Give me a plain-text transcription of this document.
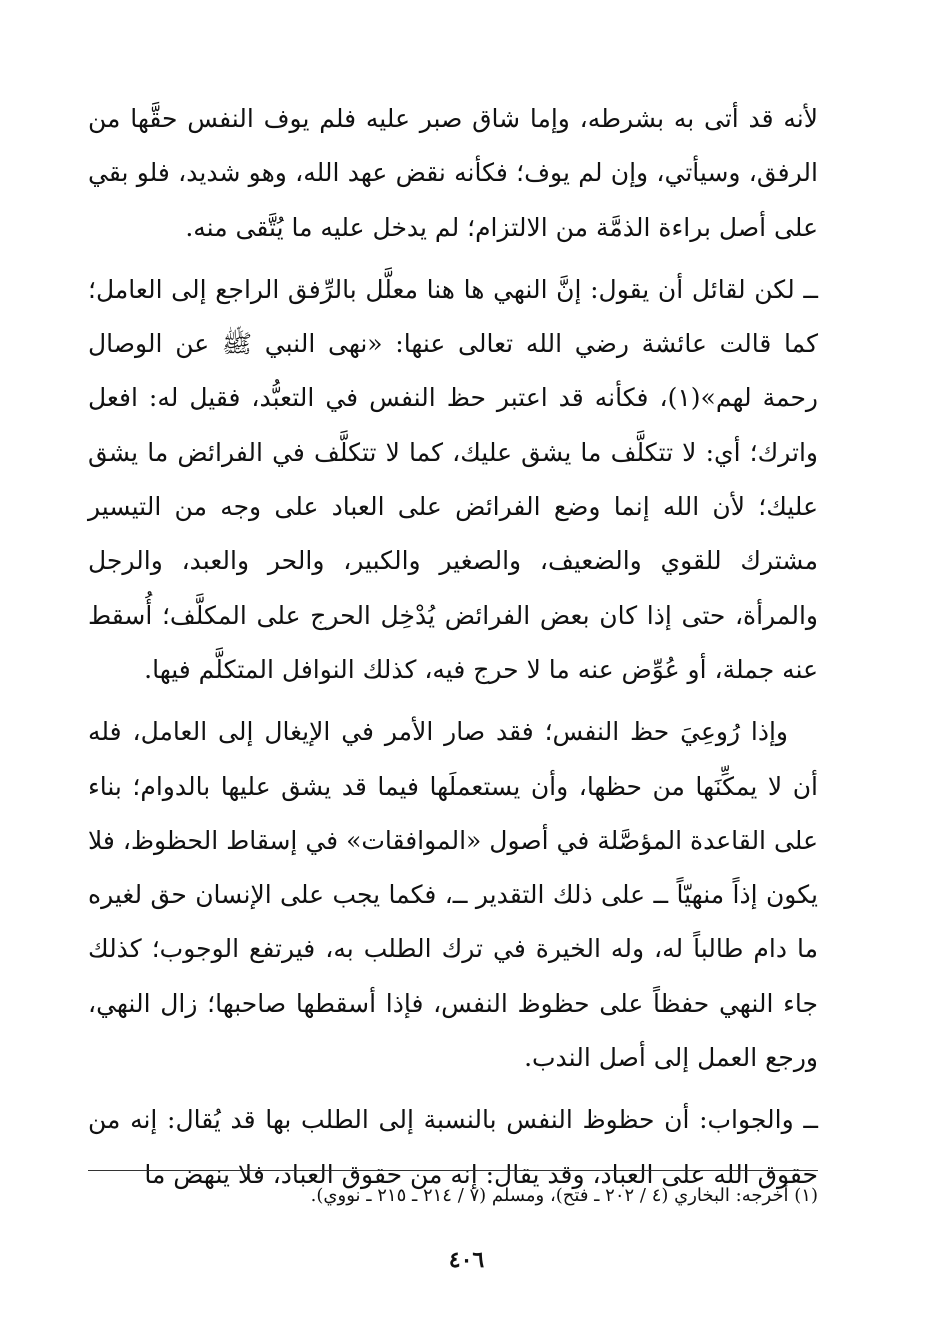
لأنه قد أتى به بشرطه، وإما شاق صبر عليه فلم يوف النفس حقَّها من الرفق، وسيأتي، وإن لم يوف؛ فكأنه نقض عهد الله، وهو شديد، فلو بقي على أصل براءة الذمَّة من الالتزام؛ لم يدخل عليه ما يُتَّقى منه.

ــ لكن لقائل أن يقول: إنَّ النهي ها هنا معلَّل بالرِّفق الراجع إلى العامل؛ كما قالت عائشة رضي الله تعالى عنها: «نهى النبي ﷺ عن الوصال رحمة لهم»(١)، فكأنه قد اعتبر حظ النفس في التعبُّد، فقيل له: افعل واترك؛ أي: لا تتكلَّف ما يشق عليك، كما لا تتكلَّف في الفرائض ما يشق عليك؛ لأن الله إنما وضع الفرائض على العباد على وجه من التيسير مشترك للقوي والضعيف، والصغير والكبير، والحر والعبد، والرجل والمرأة، حتى إذا كان بعض الفرائض يُدْخِل الحرج على المكلَّف؛ أُسقط عنه جملة، أو عُوِّض عنه ما لا حرج فيه، كذلك النوافل المتكلَّم فيها.

وإذا رُوعِيَ حظ النفس؛ فقد صار الأمر في الإيغال إلى العامل، فله أن لا يمكِّنَها من حظها، وأن يستعملَها فيما قد يشق عليها بالدوام؛ بناء على القاعدة المؤصَّلة في أصول «الموافقات» في إسقاط الحظوظ، فلا يكون إذاً منهيّاً ــ على ذلك التقدير ــ، فكما يجب على الإنسان حق لغيره ما دام طالباً له، وله الخيرة في ترك الطلب به، فيرتفع الوجوب؛ كذلك جاء النهي حفظاً على حظوظ النفس، فإذا أسقطها صاحبها؛ زال النهي، ورجع العمل إلى أصل الندب.

ــ والجواب: أن حظوظ النفس بالنسبة إلى الطلب بها قد يُقال: إنه من حقوق الله على العباد، وقد يقال: إنه من حقوق العباد، فلا ينهض ما

(١) أخرجه: البخاري (٤ / ٢٠٢ ـ فتح)، ومسلم (٧ / ٢١٤ ـ ٢١٥ ـ نووي).
٤٠٦
